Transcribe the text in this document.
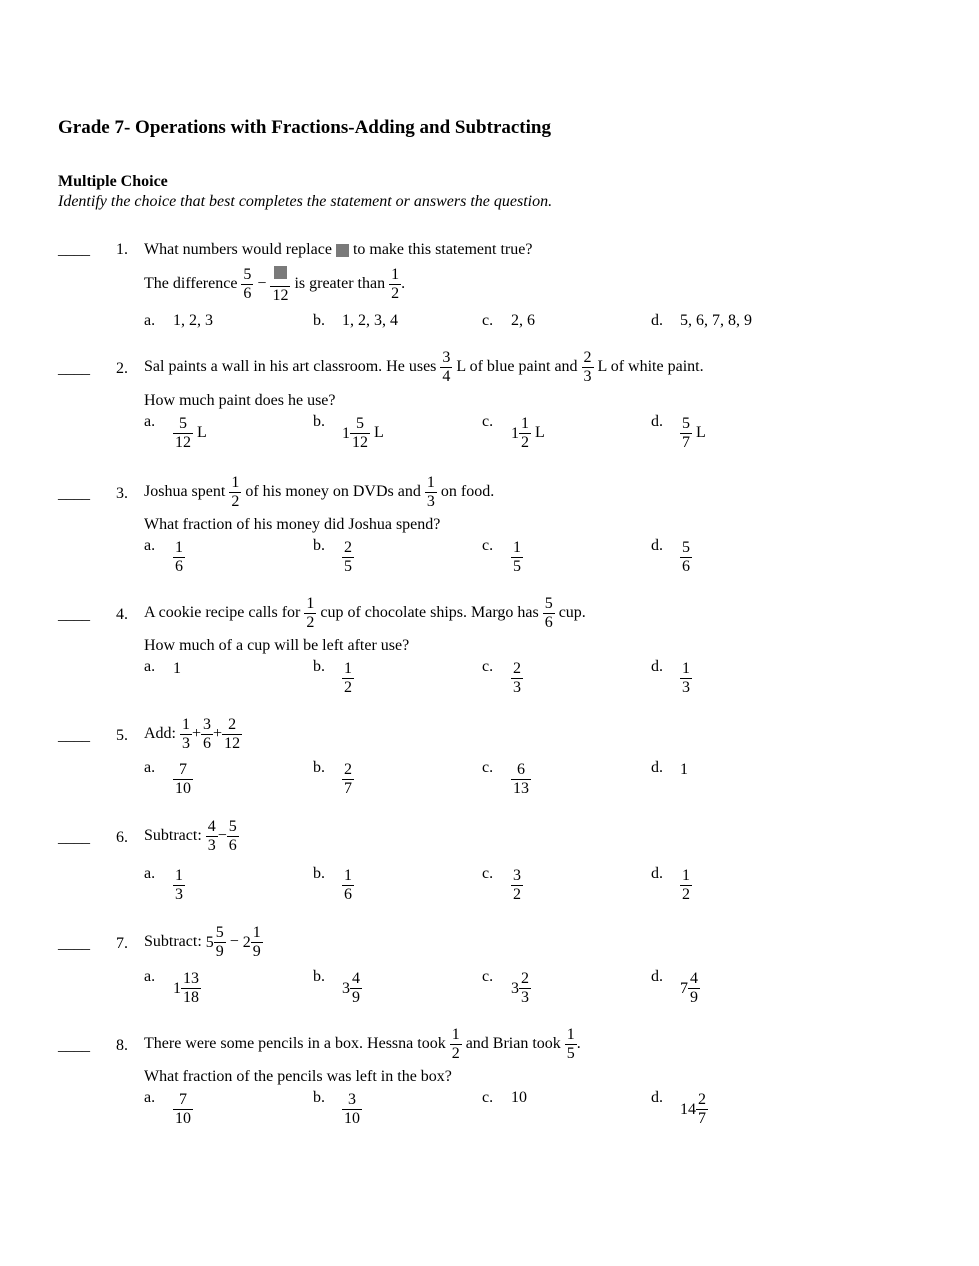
Grade 7- Operations with Fractions-Adding and Subtracting
Multiple Choice
Identify the choice that best completes the statement or answers the question.
____ 1. What numbers would replace to make this statement true?
The difference $\frac{5}{6}$ −
12
is greater than $\frac{1}{2}$ .
a. 1, 2, 3	b. 1, 2, 3, 4	c. 2, 6	d. 5, 6, 7, 8, 9
____ 2. Sal paints a wall in his art classroom. He uses $\frac{3}{4}$ L of blue paint and $\frac{2}{3}$ L of white paint.
How much paint does he use?
a. $\frac{5}{12}$ L
$b.1 \frac{5}{12}$ L
$c.1 \frac{1}{2}$ L
d. $\frac{5}{7}$ L
____ 3. Joshua spent $\frac{1}{2}$ of his money on DVDs and $\frac{1}{3}$ on food.
What fraction of his money did Joshua spend?
a. $\frac{1}{6}$	b. $\frac{2}{5}$	c. $\frac{1}{5}$	d. $\frac{5}{6}$
____ 4. A cookie recipe calls for $\frac{1}{2}$ cup of chocolate ships. Margo has $\frac{5}{6}$ cup.
How much of a cup will be left after use?
a. 1	b. $\frac{1}{2}$	c. $\frac{2}{3}$	d. $\frac{1}{3}$
____ 5. Add: $\frac{1}{3} + \frac{3}{6} + \frac{2}{12}$
a. $\frac{7}{10}$	b. $\frac{2}{7}$	c. $\frac{6}{13}$	d. 1
____ 6. Subtract: $\frac{4}{3} - \frac{5}{6}$
a. $\frac{1}{3}$	b. $\frac{1}{6}$	c. $\frac{3}{2}$	d. $\frac{1}{2}$
____ 7. Subtract: $5 \frac{5}{9} - 2 \frac{1}{9}$
$a.1 \frac{13}{18}$	$b.3 \frac{4}{9}$	$c.3 \frac{2}{3}$	$d.7 \frac{4}{9}$
____ 8. There were some pencils in a box. Hessna took $\frac{1}{2}$ and Brian took $\frac{1}{5}$ .
What fraction of the pencils was left in the box?
a. $\frac{7}{10}$	b. $\frac{3}{10}$	c. 10	$d.14 \frac{2}{7}$
